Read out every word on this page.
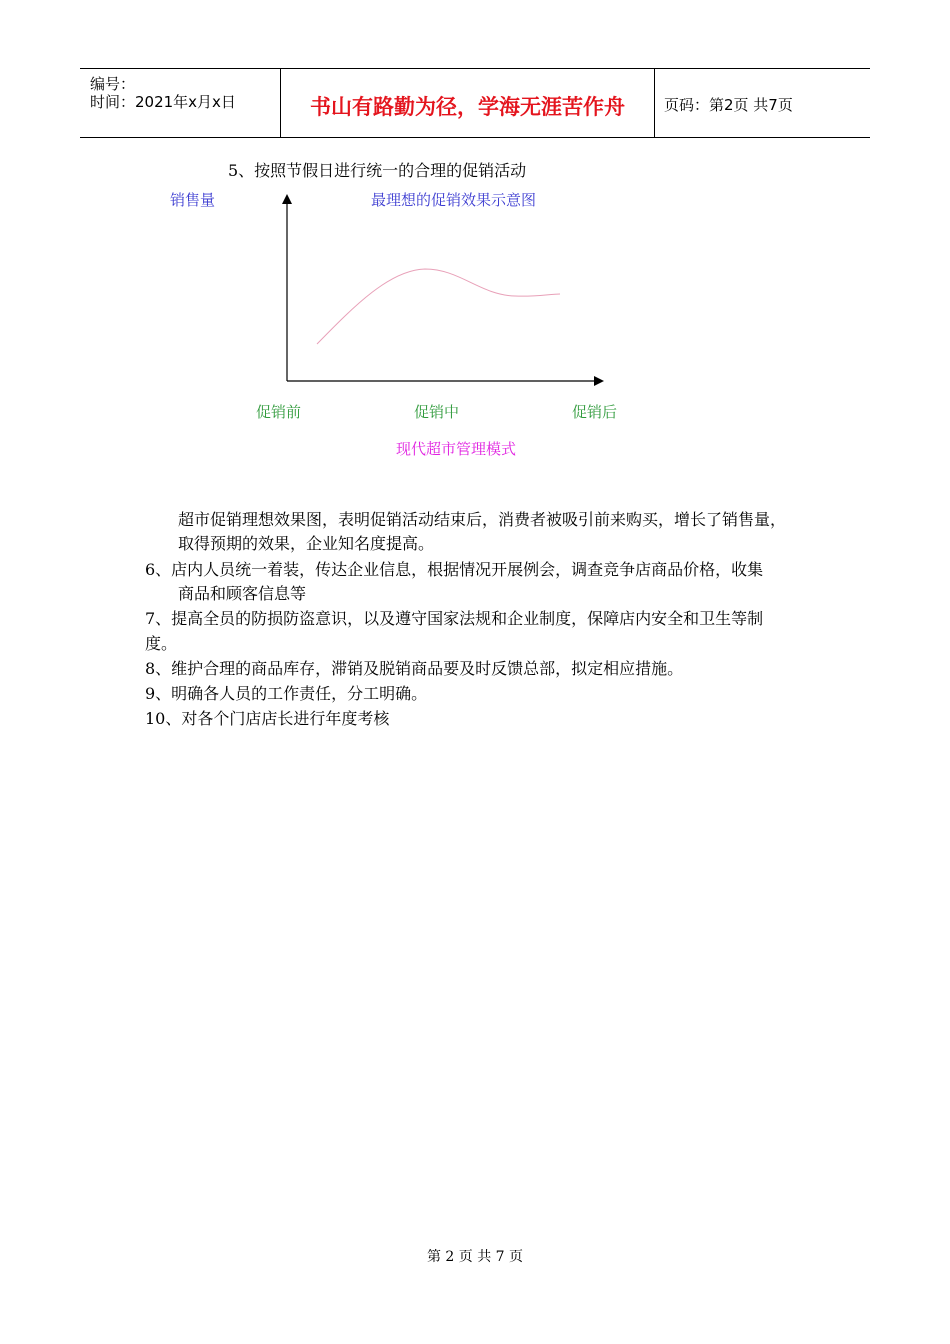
编号：
时间：2021年x月x日	书山有路勤为径，学海无涯苦作舟	页码：第2页 共7页
5、按照节假日进行统一的合理的促销活动
销售量	最理想的促销效果示意图
促销前	促销中	促销后
现代超市管理模式
超市促销理想效果图，表明促销活动结束后，消费者被吸引前来购买，增长了销售量，
取得预期的效果，企业知名度提高。
6、店内人员统一着装，传达企业信息，根据情况开展例会，调查竞争店商品价格，收集
商品和顾客信息等
7、提高全员的防损防盗意识，以及遵守国家法规和企业制度，保障店内安全和卫生等制
度。
8、维护合理的商品库存，滞销及脱销商品要及时反馈总部，拟定相应措施。
9、明确各人员的工作责任，分工明确。
10、对各个门店店长进行年度考核
第 2 页 共 7 页
